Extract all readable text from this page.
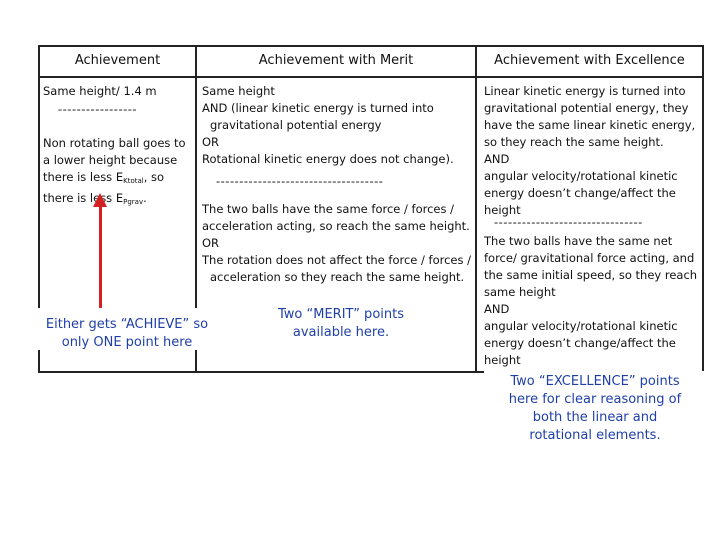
Achievement	Achievement with Merit	Achievement with Excellence
Same height/ 1.4 m
-----------------
Non rotating ball goes to
a lower height because
there is less $E_{Ktotal}$, so
there is less $E_{Pgrav}$.
Same height
AND (linear kinetic energy is turned into
gravitational potential energy
OR
Rotational kinetic energy does not change).
------------------------------------
The two balls have the same force / forces /
acceleration acting, so reach the same height.
OR
The rotation does not affect the force / forces /
acceleration so they reach the same height.
Linear kinetic energy is turned into
gravitational potential energy, they
have the same linear kinetic energy,
so they reach the same height.
AND
angular velocity/rotational kinetic
energy doesn’t change/affect the
height
--------------------------------
The two balls have the same net
force/ gravitational force acting, and
the same initial speed, so they reach
same height
AND
angular velocity/rotational kinetic
energy doesn’t change/affect the
height
Either gets “ACHIEVE” so
only ONE point here
Two “MERIT” points
available here.
Two “EXCELLENCE” points
here for clear reasoning of
both the linear and
rotational elements.
